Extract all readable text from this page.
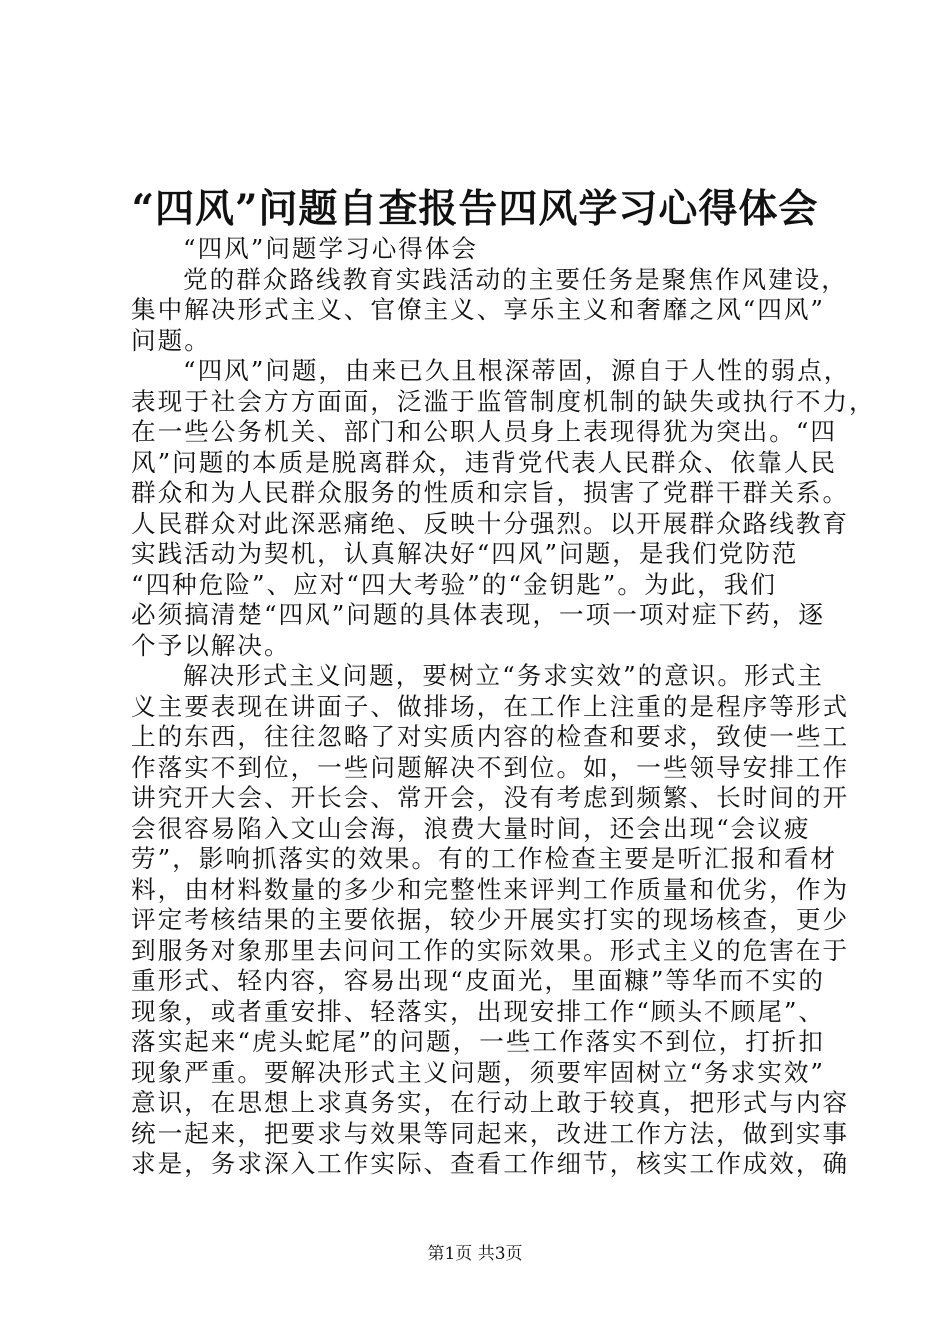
“四风”问题自查报告四风学习心得体会
“四风”问题学习心得体会
党的群众路线教育实践活动的主要任务是聚焦作风建设，
集中解决形式主义、官僚主义、享乐主义和奢靡之风“四风”
问题。
“四风”问题，由来已久且根深蒂固，源自于人性的弱点，
表现于社会方方面面，泛滥于监管制度机制的缺失或执行不力，
在一些公务机关、部门和公职人员身上表现得犹为突出。“四
风”问题的本质是脱离群众，违背党代表人民群众、依靠人民
群众和为人民群众服务的性质和宗旨，损害了党群干群关系。
人民群众对此深恶痛绝、反映十分强烈。以开展群众路线教育
实践活动为契机，认真解决好“四风”问题，是我们党防范
“四种危险”、应对“四大考验”的“金钥匙”。为此，我们
必须搞清楚“四风”问题的具体表现，一项一项对症下药，逐
个予以解决。
解决形式主义问题，要树立“务求实效”的意识。形式主
义主要表现在讲面子、做排场，在工作上注重的是程序等形式
上的东西，往往忽略了对实质内容的检查和要求，致使一些工
作落实不到位，一些问题解决不到位。如，一些领导安排工作
讲究开大会、开长会、常开会，没有考虑到频繁、长时间的开
会很容易陷入文山会海，浪费大量时间，还会出现“会议疲
劳”，影响抓落实的效果。有的工作检查主要是听汇报和看材
料，由材料数量的多少和完整性来评判工作质量和优劣，作为
评定考核结果的主要依据，较少开展实打实的现场核查，更少
到服务对象那里去问问工作的实际效果。形式主义的危害在于
重形式、轻内容，容易出现“皮面光，里面糠”等华而不实的
现象，或者重安排、轻落实，出现安排工作“顾头不顾尾”、
落实起来“虎头蛇尾”的问题，一些工作落实不到位，打折扣
现象严重。要解决形式主义问题，须要牢固树立“务求实效”
意识，在思想上求真务实，在行动上敢于较真，把形式与内容
统一起来，把要求与效果等同起来，改进工作方法，做到实事
求是，务求深入工作实际、查看工作细节，核实工作成效，确
第1页 共3页
